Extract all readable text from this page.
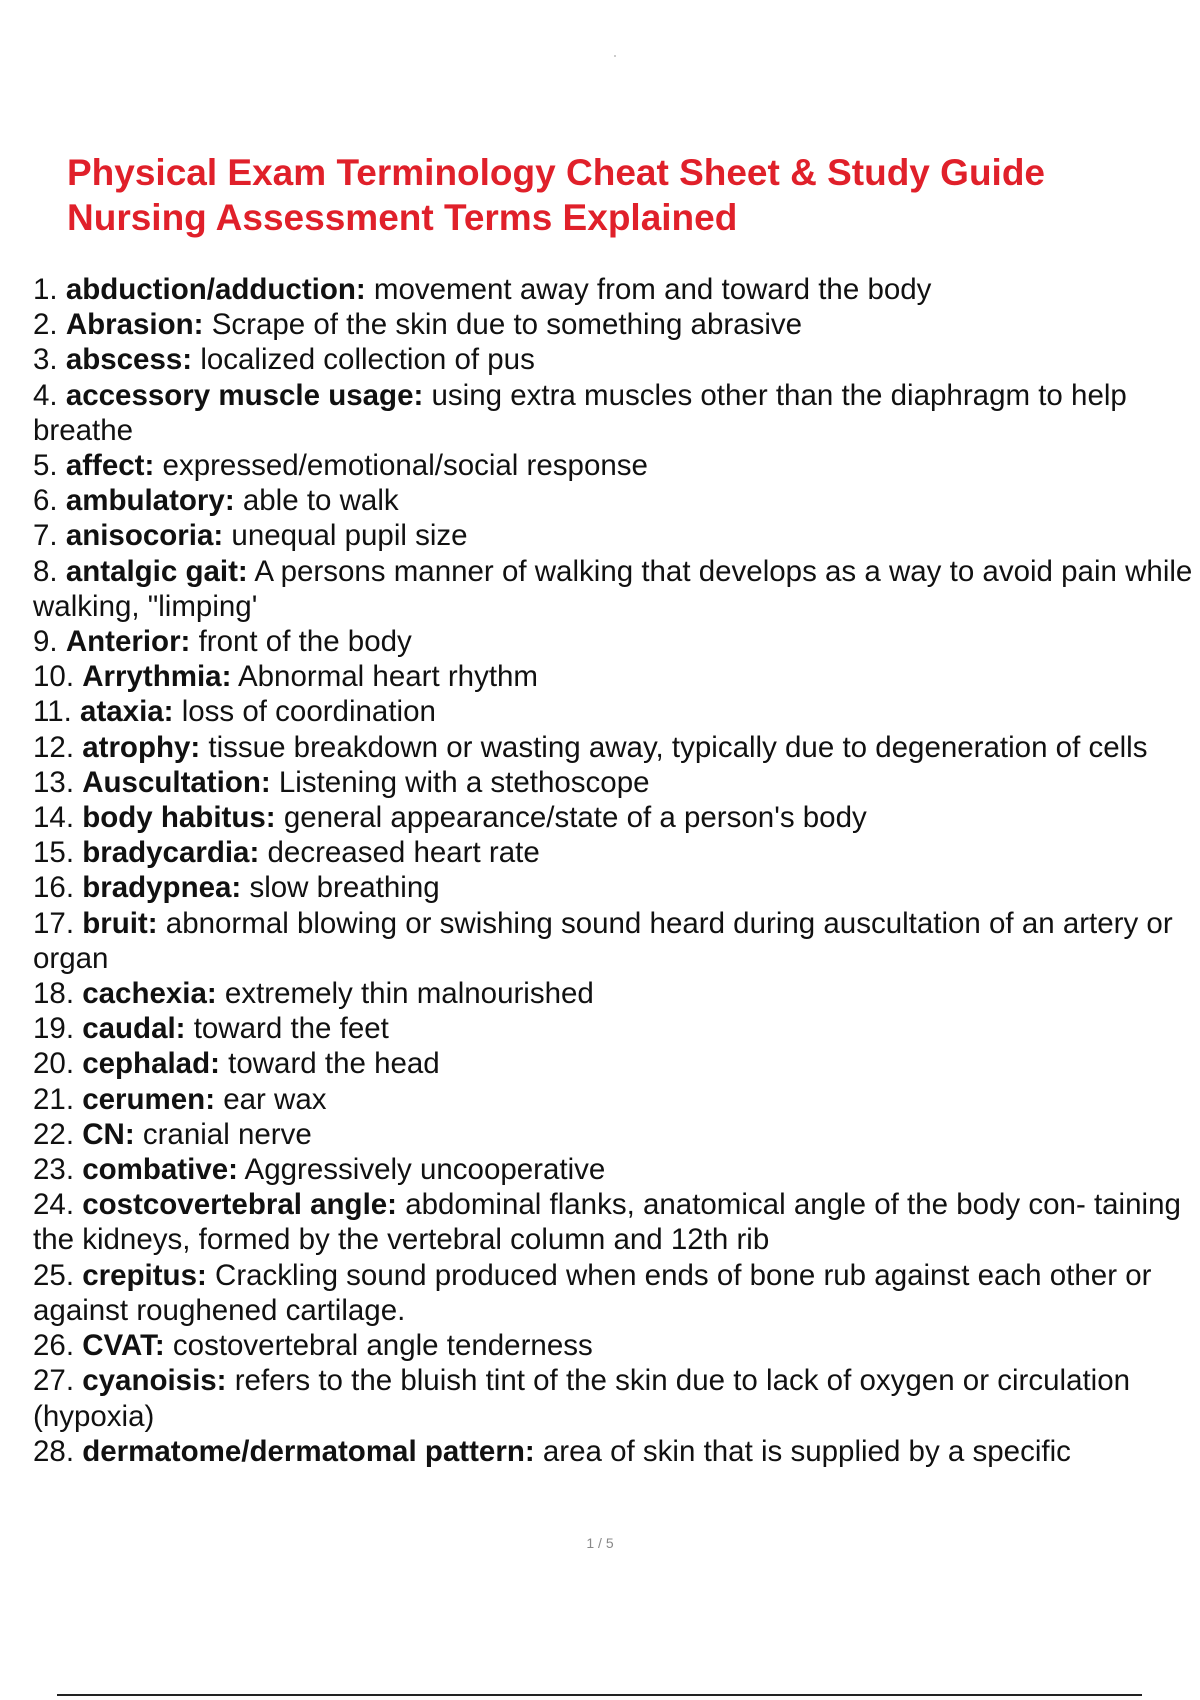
Physical Exam Terminology Cheat Sheet & Study Guide
Nursing Assessment Terms Explained
1. abduction/adduction: movement away from and toward the body
2. Abrasion: Scrape of the skin due to something abrasive
3. abscess: localized collection of pus
4. accessory muscle usage: using extra muscles other than the diaphragm to help breathe
5. affect: expressed/emotional/social response
6. ambulatory: able to walk
7. anisocoria: unequal pupil size
8. antalgic gait: A persons manner of walking that develops as a way to avoid pain while walking, "limping'
9. Anterior: front of the body
10. Arrythmia: Abnormal heart rhythm
11. ataxia: loss of coordination
12. atrophy: tissue breakdown or wasting away, typically due to degeneration of cells
13. Auscultation: Listening with a stethoscope
14. body habitus: general appearance/state of a person's body
15. bradycardia: decreased heart rate
16. bradypnea: slow breathing
17. bruit: abnormal blowing or swishing sound heard during auscultation of an artery or organ
18. cachexia: extremely thin malnourished
19. caudal: toward the feet
20. cephalad: toward the head
21. cerumen: ear wax
22. CN: cranial nerve
23. combative: Aggressively uncooperative
24. costcovertebral angle: abdominal flanks, anatomical angle of the body con- taining the kidneys, formed by the vertebral column and 12th rib
25. crepitus: Crackling sound produced when ends of bone rub against each other or against roughened cartilage.
26. CVAT: costovertebral angle tenderness
27. cyanoisis: refers to the bluish tint of the skin due to lack of oxygen or circulation (hypoxia)
28. dermatome/dermatomal pattern: area of skin that is supplied by a specific
1 / 5
